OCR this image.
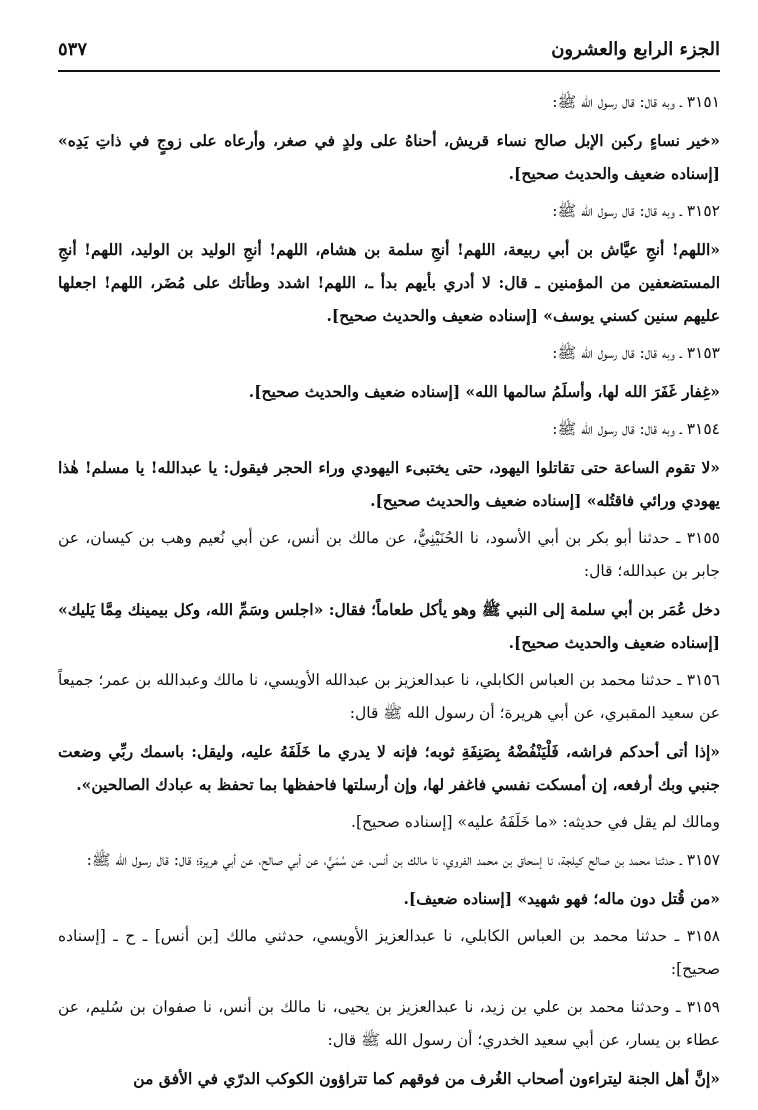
٥٣٧	الجزء الرابع والعشرون

٣١٥١ ـ وبه قال: قال رسول الله ﷺ:

«خير نساءٍ ركبن الإبل صالح نساء قريش، أحناهُ على ولدٍ في صغر، وأرعاه على زوجٍ في ذاتِ يَدِه» [إسناده ضعيف والحديث صحيح].

٣١٥٢ ـ وبه قال: قال رسول الله ﷺ:

«اللهم! أنجِ عيَّاش بن أبي ربيعة، اللهم! أنجِ سلمة بن هشام، اللهم! أنجِ الوليد بن الوليد، اللهم! أنجِ المستضعفين من المؤمنين ـ قال: لا أدري بأيهم بدأ ـ، اللهم! اشدد وطأتك على مُضَر، اللهم! اجعلها عليهم سنين كسني يوسف» [إسناده ضعيف والحديث صحيح].

٣١٥٣ ـ وبه قال: قال رسول الله ﷺ:

«غِفار غَفَرَ الله لها، وأسلَمُ سالمها الله» [إسناده ضعيف والحديث صحيح].

٣١٥٤ ـ وبه قال: قال رسول الله ﷺ:

«لا تقوم الساعة حتى تقاتلوا اليهود، حتى يختبىء اليهودي وراء الحجر فيقول: يا عبدالله! يا مسلم! هٰذا يهودي ورائي فاقتُله» [إسناده ضعيف والحديث صحيح].

٣١٥٥ ـ حدثنا أبو بكر بن أبي الأسود، نا الحُنَيْنِيُّ، عن مالك بن أنس، عن أبي نُعيم وهب بن كيسان، عن جابر بن عبدالله؛ قال:

دخل عُمَر بن أبي سلمة إلى النبي ﷺ وهو يأكل طعاماً؛ فقال: «اجلس وسَمِّ الله، وكل بيمينك مِمَّا يَليك» [إسناده ضعيف والحديث صحيح].

٣١٥٦ ـ حدثنا محمد بن العباس الكابلي، نا عبدالعزيز بن عبدالله الأويسي، نا مالك وعبدالله بن عمر؛ جميعاً عن سعيد المقبري، عن أبي هريرة؛ أن رسول الله ﷺ قال:

«إذا أتى أحدكم فراشه، فَلْيَنْفُضْهُ بِصَنِفَةِ ثوبه؛ فإنه لا يدري ما خَلَفَهُ عليه، وليقل: باسمك ربِّي وضعت جنبي وبك أرفعه، إن أمسكت نفسي فاغفر لها، وإن أرسلتها فاحفظها بما تحفظ به عبادك الصالحين».

ومالك لم يقل في حديثه: «ما خَلَفَهُ عليه» [إسناده صحيح].

٣١٥٧ ـ حدثنا محمد بن صالح كيلجة، نا إسحاق بن محمد الفروي، نا مالك بن أنس، عن سُمَيٍّ، عن أبي صالح، عن أبي هريرة؛ قال: قال رسول الله ﷺ:

«من قُتل دون ماله؛ فهو شهيد» [إسناده ضعيف].

٣١٥٨ ـ حدثنا محمد بن العباس الكابلي، نا عبدالعزيز الأويسي، حدثني مالك [بن أنس] ـ ح ـ [إسناده صحيح]:

٣١٥٩ ـ وحدثنا محمد بن علي بن زيد، نا عبدالعزيز بن يحيى، نا مالك بن أنس، نا صفوان بن سُليم، عن عطاء بن يسار، عن أبي سعيد الخدري؛ أن رسول الله ﷺ قال:

«إنَّ أهل الجنة ليتراءون أصحاب الغُرف من فوقهم كما تتراؤون الكوكب الدرّي في الأفق من
